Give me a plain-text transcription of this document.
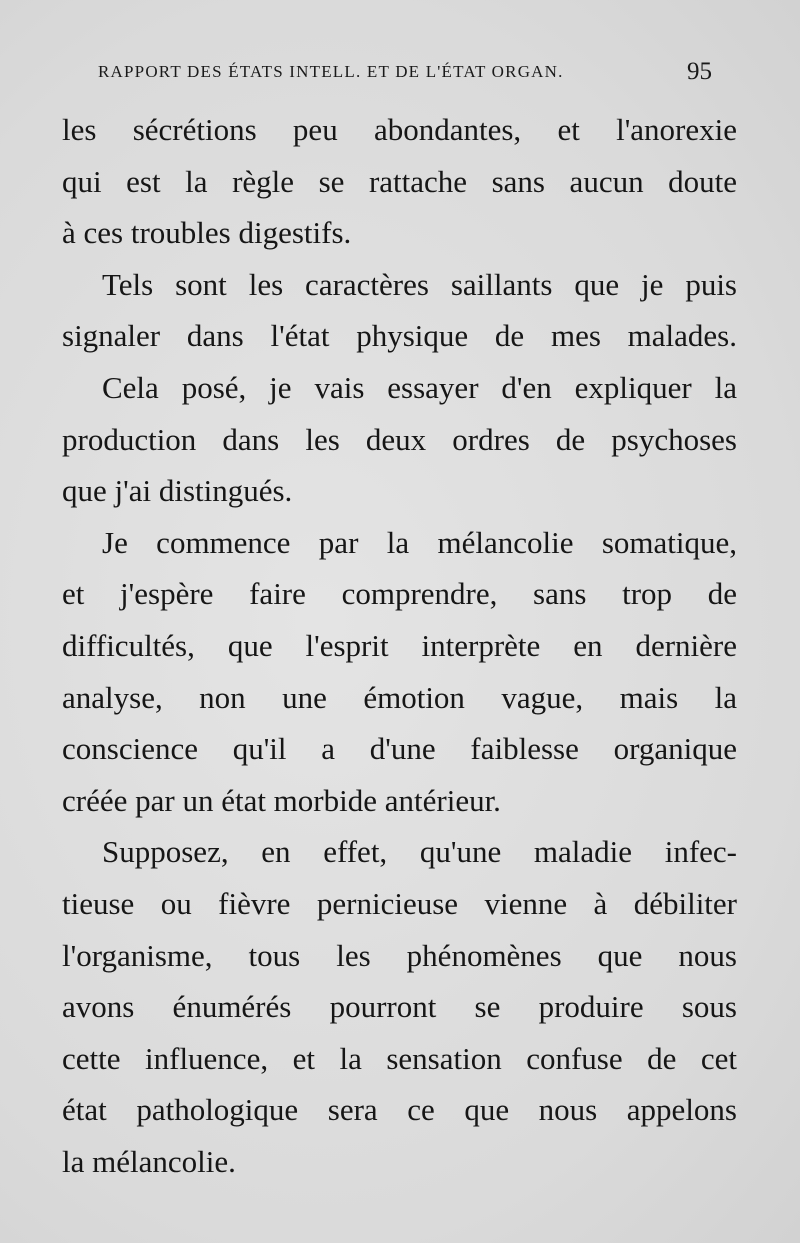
RAPPORT DES ÉTATS INTELL. ET DE L'ÉTAT ORGAN.	95
les sécrétions peu abondantes, et l'anorexie
qui est la règle se rattache sans aucun doute
à ces troubles digestifs.
Tels sont les caractères saillants que je puis
signaler dans l'état physique de mes malades.
Cela posé, je vais essayer d'en expliquer la
production dans les deux ordres de psychoses
que j'ai distingués.
Je commence par la mélancolie somatique,
et j'espère faire comprendre, sans trop de
difficultés, que l'esprit interprète en dernière
analyse, non une émotion vague, mais la
conscience qu'il a d'une faiblesse organique
créée par un état morbide antérieur.
Supposez, en effet, qu'une maladie infec-
tieuse ou fièvre pernicieuse vienne à débiliter
l'organisme, tous les phénomènes que nous
avons énumérés pourront se produire sous
cette influence, et la sensation confuse de cet
état pathologique sera ce que nous appelons
la mélancolie.
